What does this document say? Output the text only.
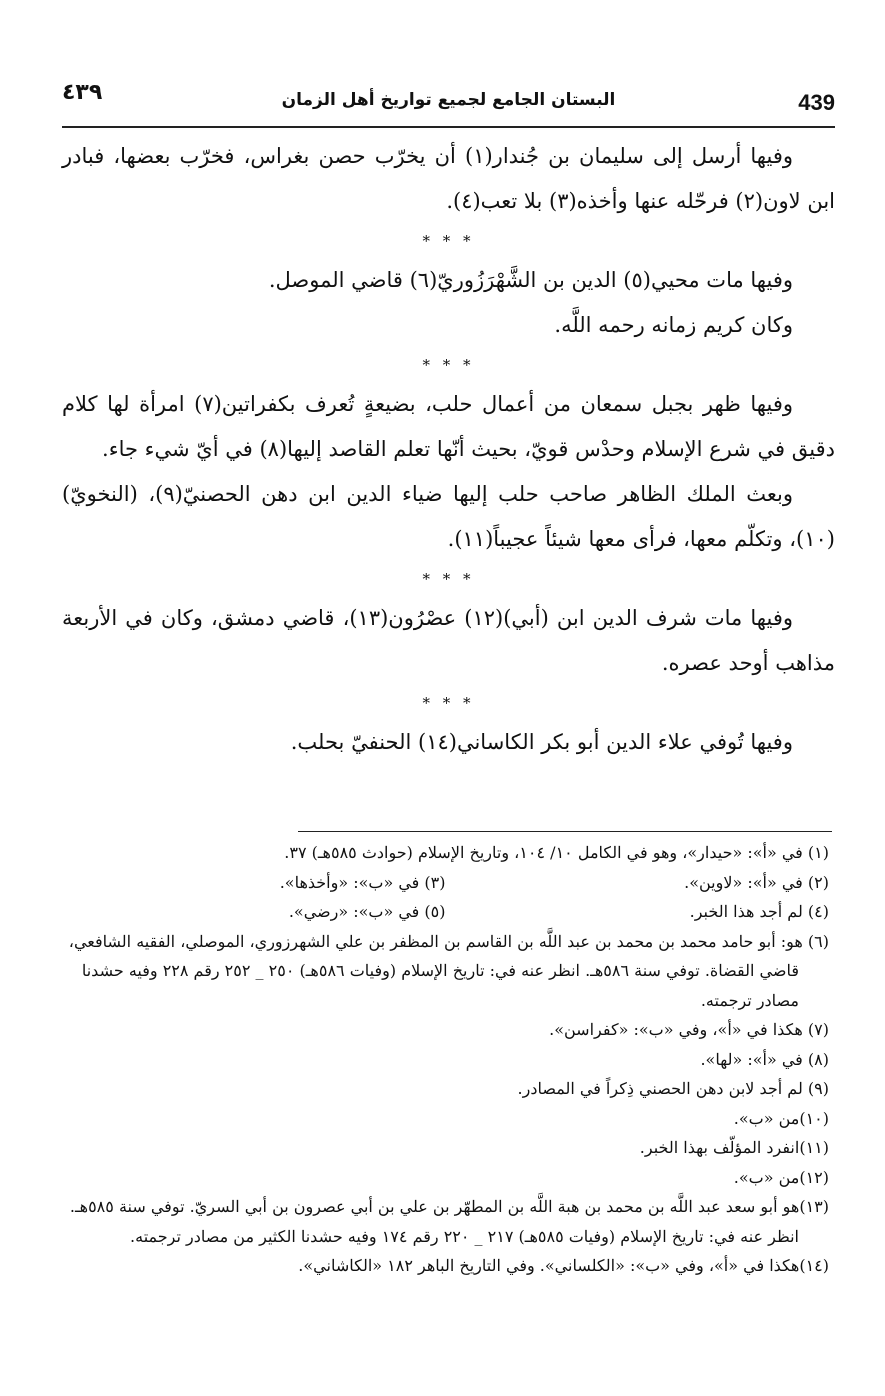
439
البستان الجامع لجميع تواريخ أهل الزمان
٤٣٩

وفيها أرسل إلى سليمان بن جُندار(١) أن يخرّب حصن بغراس، فخرّب بعضها، فبادر ابن لاون(٢) فرحّله عنها وأخذه(٣) بلا تعب(٤).

* * *

وفيها مات محيي(٥) الدين بن الشَّهْرَزُوريّ(٦) قاضي الموصل.

وكان كريم زمانه رحمه اللَّه.

* * *

وفيها ظهر بجبل سمعان من أعمال حلب، بضيعةٍ تُعرف بكفراتين(٧) امرأة لها كلام دقيق في شرع الإسلام وحدْس قويّ، بحيث أنّها تعلم القاصد إليها(٨) في أيّ شيء جاء.

وبعث الملك الظاهر صاحب حلب إليها ضياء الدين ابن دهن الحصنيّ(٩)، (النخويّ)(١٠)، وتكلّم معها، فرأى معها شيئاً عجيباً(١١).

* * *

وفيها مات شرف الدين ابن (أبي)(١٢) عصْرُون(١٣)، قاضي دمشق، وكان في الأربعة مذاهب أوحد عصره.

* * *

وفيها تُوفي علاء الدين أبو بكر الكاساني(١٤) الحنفيّ بحلب.

(١) في «أ»: «حيدار»، وهو في الكامل ١٠/ ١٠٤، وتاريخ الإسلام (حوادث ٥٨٥هـ) ٣٧.

(٢) في «أ»: «لاوين».

(٣) في «ب»: «وأخذها».

(٤) لم أجد هذا الخبر.

(٥) في «ب»: «رضي».

(٦) هو: أبو حامد محمد بن محمد بن عبد اللَّه بن القاسم بن المظفر بن علي الشهرزوري، الموصلي، الفقيه الشافعي، قاضي القضاة. توفي سنة ٥٨٦هـ. انظر عنه في: تاريخ الإسلام (وفيات ٥٨٦هـ) ٢٥٠ _ ٢٥٢ رقم ٢٢٨ وفيه حشدنا مصادر ترجمته.

(٧) هكذا في «أ»، وفي «ب»: «كفراسن».

(٨) في «أ»: «لها».

(٩) لم أجد لابن دهن الحصني ذِكراً في المصادر.

(١٠)من «ب».

(١١)انفرد المؤلّف بهذا الخبر.

(١٢)من «ب».

(١٣)هو أبو سعد عبد اللَّه بن محمد بن هبة اللَّه بن المطهّر بن علي بن أبي عصرون بن أبي السريّ. توفي سنة ٥٨٥هـ. انظر عنه في: تاريخ الإسلام (وفيات ٥٨٥هـ) ٢١٧ _ ٢٢٠ رقم ١٧٤ وفيه حشدنا الكثير من مصادر ترجمته.

(١٤)هكذا في «أ»، وفي «ب»: «الكلساني». وفي التاريخ الباهر ١٨٢ «الكاشاني».
